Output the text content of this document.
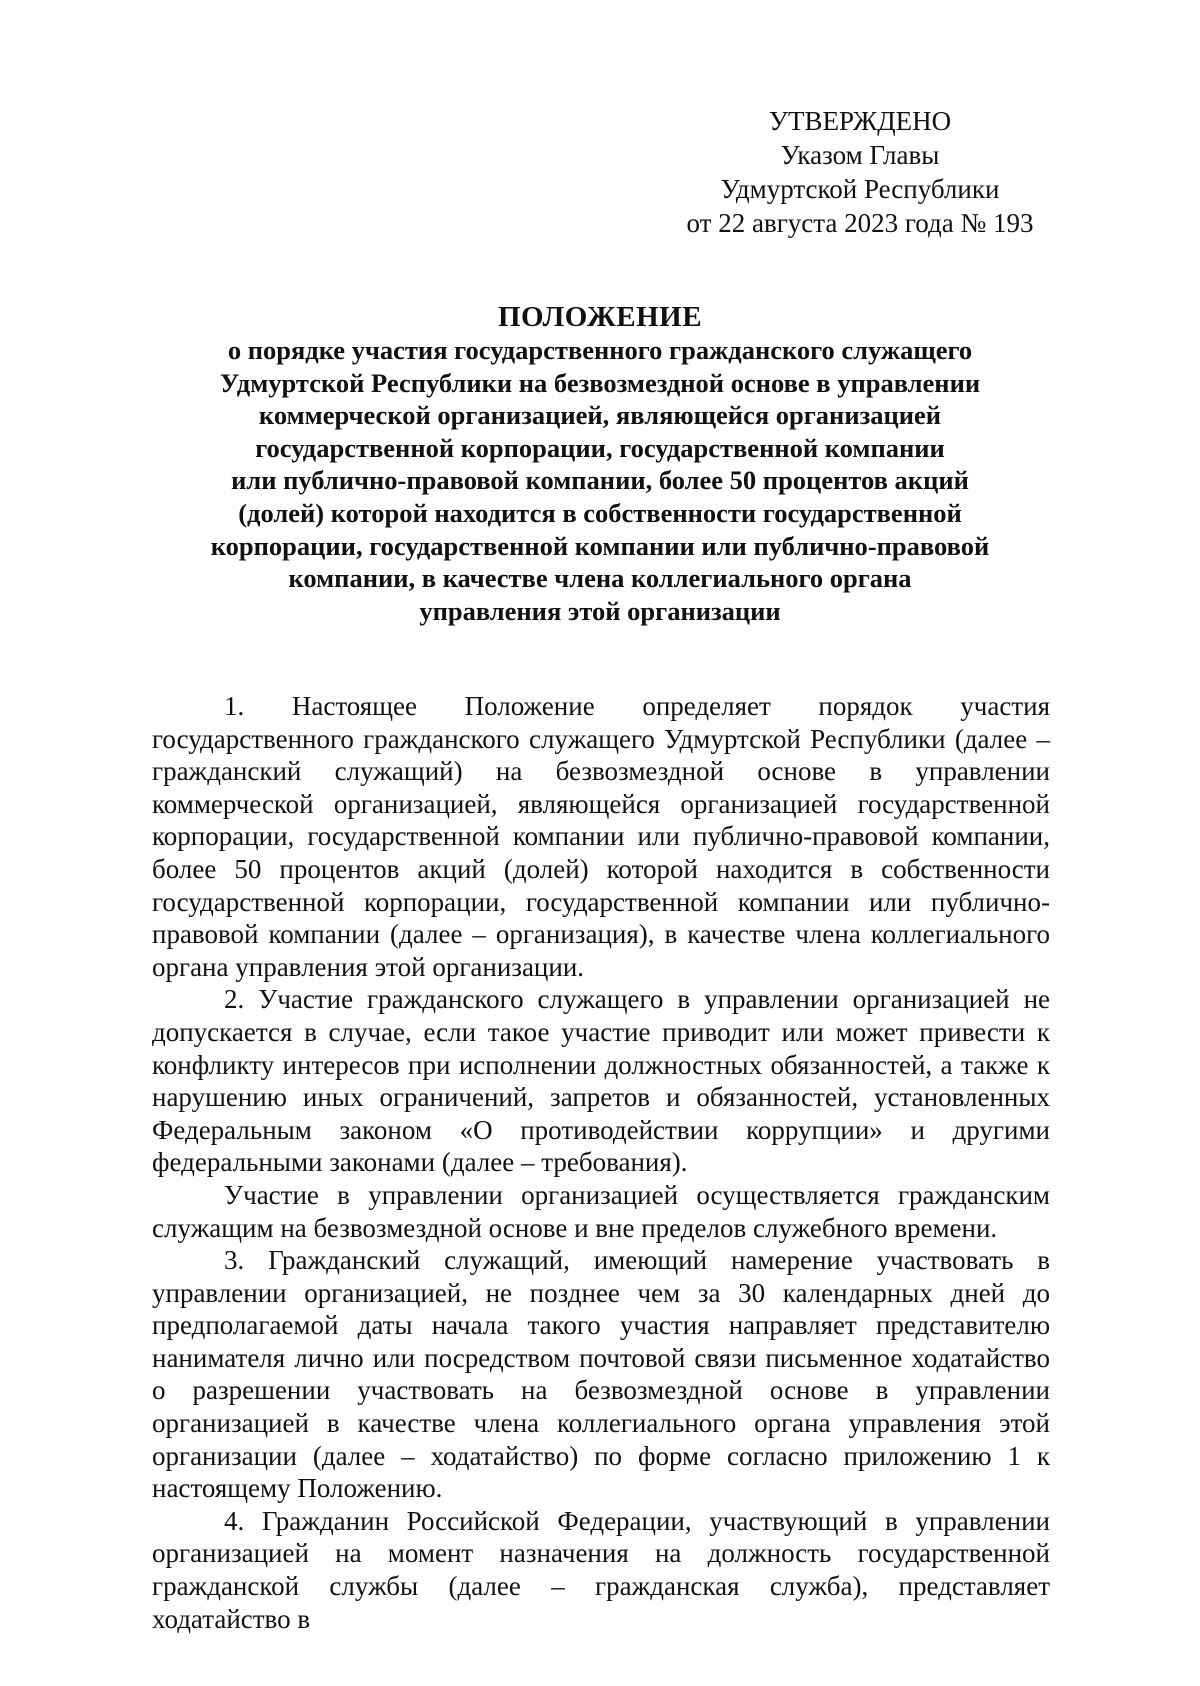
УТВЕРЖДЕНО
Указом Главы
Удмуртской Республики
от 22 августа 2023 года № 193
ПОЛОЖЕНИЕ
о порядке участия государственного гражданского служащего
Удмуртской Республики на безвозмездной основе в управлении
коммерческой организацией, являющейся организацией
государственной корпорации, государственной компании
или публично-правовой компании, более 50 процентов акций
(долей) которой находится в собственности государственной
корпорации, государственной компании или публично-правовой
компании, в качестве члена коллегиального органа
управления этой организации

1. Настоящее Положение определяет порядок участия государственного гражданского служащего Удмуртской Республики (далее – гражданский служащий) на безвозмездной основе в управлении коммерческой организацией, являющейся организацией государственной корпорации, государственной компании или публично-правовой компании, более 50 процентов акций (долей) которой находится в собственности государственной корпорации, государственной компании или публично-правовой компании (далее – организация), в качестве члена коллегиального органа управления этой организации.

2. Участие гражданского служащего в управлении организацией не допускается в случае, если такое участие приводит или может привести к конфликту интересов при исполнении должностных обязанностей, а также к нарушению иных ограничений, запретов и обязанностей, установленных Федеральным законом «О противодействии коррупции» и другими федеральными законами (далее – требования).

Участие в управлении организацией осуществляется гражданским служащим на безвозмездной основе и вне пределов служебного времени.

3. Гражданский служащий, имеющий намерение участвовать в управлении организацией, не позднее чем за 30 календарных дней до предполагаемой даты начала такого участия направляет представителю нанимателя лично или посредством почтовой связи письменное ходатайство о разрешении участвовать на безвозмездной основе в управлении организацией в качестве члена коллегиального органа управления этой организации (далее – ходатайство) по форме согласно приложению 1 к настоящему Положению.

4. Гражданин Российской Федерации, участвующий в управлении организацией на момент назначения на должность государственной гражданской службы (далее – гражданская служба), представляет ходатайство в
